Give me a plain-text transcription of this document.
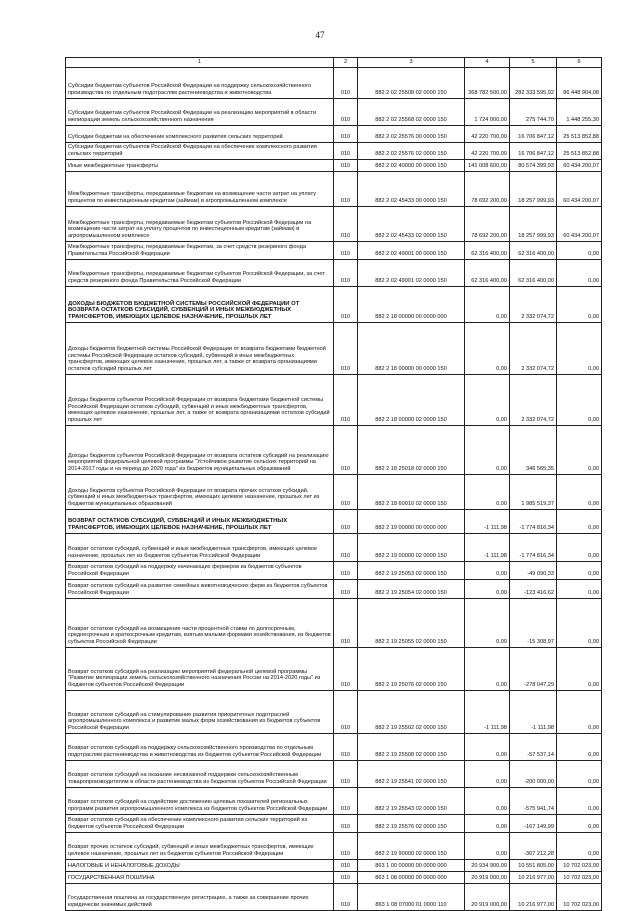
47
1	2	3	4	5	6
Субсидии бюджетам субъектов Российской Федерации на поддержку сельскохозяйственного производства по отдельным подотраслям растениеводства и животноводства	010	882 2 02 25508 02 0000 150	368 782 500,00	282 333 595,92	86 448 904,08
Субсидии бюджетам субъектов Российской Федерации на реализацию мероприятий в области мелиорации земель сельскохозяйственного назначения	010	882 2 02 25568 02 0000 150	1 724 000,00	275 744,70	1 448 255,30
Субсидии бюджетам на обеспечение комплексного развития сельских территорий	010	882 2 02 25576 00 0000 150	42 220 700,00	16 706 847,12	25 513 852,88
Субсидии бюджетам субъектов Российской Федерации на обеспечение комплексного развития сельских территорий	010	882 2 02 25576 02 0000 150	42 220 700,00	16 706 847,12	25 513 852,88
Иные межбюджетные трансферты	010	882 2 02 40000 00 0000 150	141 008 600,00	80 574 399,93	60 434 200,07
Межбюджетные трансферты, передаваемые бюджетам на возмещение части затрат на уплату процентов по инвестиционным кредитам (займам) в агропромышленном комплексе	010	882 2 02 45433 00 0000 150	78 692 200,00	18 257 999,93	60 434 200,07
Межбюджетные трансферты, передаваемые бюджетам субъектов Российской Федерации на возмещение части затрат на уплату процентов по инвестиционным кредитам (займам) в агропромышленном комплексе	010	882 2 02 45433 02 0000 150	78 692 200,00	18 257 999,93	60 434 200,07
Межбюджетные трансферты, передаваемые бюджетам, за счет средств резервного фонда Правительства Российской Федерации	010	882 2 02 49001 00 0000 150	62 316 400,00	62 316 400,00	0,00
Межбюджетные трансферты, передаваемые бюджетам субъектов Российской Федерации, за счет средств резервного фонда Правительства Российской Федерации	010	882 2 02 49001 02 0000 150	62 316 400,00	62 316 400,00	0,00
ДОХОДЫ БЮДЖЕТОВ БЮДЖЕТНОЙ СИСТЕМЫ РОССИЙСКОЙ ФЕДЕРАЦИИ ОТ ВОЗВРАТА ОСТАТКОВ СУБСИДИЙ, СУБВЕНЦИЙ И ИНЫХ МЕЖБЮДЖЕТНЫХ ТРАНСФЕРТОВ, ИМЕЮЩИХ ЦЕЛЕВОЕ НАЗНАЧЕНИЕ, ПРОШЛЫХ ЛЕТ	010	882 2 18 00000 00 0000 000	0,00	2 332 074,72	0,00
Доходы бюджетов бюджетной системы Российской Федерации от возврата бюджетами бюджетной системы Российской Федерации остатков субсидий, субвенций и иных межбюджетных трансфертов, имеющих целевое назначение, прошлых лет, а также от возврата организациями остатков субсидий прошлых лет	010	882 2 18 00000 00 0000 150	0,00	2 332 074,72	0,00
Доходы бюджетов субъектов Российской Федерации от возврата бюджетами бюджетной системы Российской Федерации остатков субсидий, субвенций и иных межбюджетных трансфертов, имеющих целевое назначение, прошлых лет, а также от возврата организациями остатков субсидий прошлых лет	010	882 2 18 00000 02 0000 150	0,00	2 332 074,72	0,00
Доходы бюджетов субъектов Российской Федерации от возврата остатков субсидий на реализацию мероприятий федеральной целевой программы "Устойчивое развитие сельских территорий на 2014-2017 годы и на период до 2020 года" из бюджетов муниципальных образований	010	882 2 18 25018 02 0000 150	0,00	346 565,35	0,00
Доходы бюджетов субъектов Российской Федерации от возврата прочих остатков субсидий, субвенций и иных межбюджетных трансфертов, имеющих целевое назначение, прошлых лет из бюджетов муниципальных образований	010	882 2 18 60010 02 0000 150	0,00	1 985 519,37	0,00
ВОЗВРАТ ОСТАТКОВ СУБСИДИЙ, СУБВЕНЦИЙ И ИНЫХ МЕЖБЮДЖЕТНЫХ ТРАНСФЕРТОВ, ИМЕЮЩИХ ЦЕЛЕВОЕ НАЗНАЧЕНИЕ, ПРОШЛЫХ ЛЕТ	010	882 2 19 00000 00 0000 000	-1 111,98	-1 774 816,34	0,00
Возврат остатков субсидий, субвенций и иных межбюджетных трансфертов, имеющих целевое назначение, прошлых лет из бюджетов субъектов Российской Федерации	010	882 2 19 00000 02 0000 150	-1 111,98	-1 774 816,34	0,00
Возврат остатков субсидий на поддержку начинающих фермеров из бюджетов субъектов Российской Федерации	010	882 2 19 25053 02 0000 150	0,00	-49 090,33	0,00
Возврат остатков субсидий на развитие семейных животноводческих ферм из бюджетов субъектов Российской Федерации	010	882 2 19 25054 02 0000 150	0,00	-123 416,62	0,00
Возврат остатков субсидий на возмещение части процентной ставки по долгосрочным, среднесрочным и краткосрочным кредитам, взятым малыми формами хозяйствования, из бюджетов субъектов Российской Федерации	010	882 2 19 25055 02 0000 150	0,00	-15 308,97	0,00
Возврат остатков субсидий на реализацию мероприятий федеральной целевой программы "Развитие мелиорации земель сельскохозяйственного назначения России на 2014-2020 годы" из бюджетов субъектов Российской Федерации	010	882 2 19 25076 02 0000 150	0,00	-278 047,29	0,00
Возврат остатков субсидий на стимулирование развития приоритетных подотраслей агропромышленного комплекса и развитие малых форм хозяйствования из бюджетов субъектов Российской Федерации	010	882 2 19 25502 02 0000 150	-1 111,98	-1 111,98	0,00
Возврат остатков субсидий на поддержку сельскохозяйственного производства по отдельным подотраслям растениеводства и животноводства из бюджетов субъектов Российской Федерации	010	882 2 19 25508 02 0000 150	0,00	-57 537,14	0,00
Возврат остатков субсидий на оказание несвязанной поддержки сельскохозяйственным товаропроизводителям в области растениеводства из бюджетов субъектов Российской Федерации	010	882 2 19 25541 02 0000 150	0,00	-200 000,00	0,00
Возврат остатков субсидий на содействие достижению целевых показателей региональных программ развития агропромышленного комплекса из бюджетов субъектов Российской Федерации	010	882 2 19 25543 02 0000 150	0,00	-575 941,74	0,00
Возврат остатков субсидий на обеспечение комплексного развития сельских территорий из бюджетов субъектов Российской Федерации	010	882 2 19 25576 02 0000 150	0,00	-167 149,99	0,00
Возврат прочих остатков субсидий, субвенций и иных межбюджетных трансфертов, имеющих целевое назначение, прошлых лет из бюджетов субъектов Российской Федерации	010	882 2 19 90000 02 0000 150	0,00	-307 212,28	0,00
НАЛОГОВЫЕ И НЕНАЛОГОВЫЕ ДОХОДЫ	010	863 1 00 00000 00 0000 000	20 934 900,00	10 551 805,00	10 702 023,00
ГОСУДАРСТВЕННАЯ ПОШЛИНА	010	863 1 08 00000 00 0000 000	20 919 000,00	10 216 977,00	10 702 023,00
Государственная пошлина за государственную регистрацию, а также за совершение прочих юридически значимых действий	010	863 1 08 07000 01 0000 110	20 919 000,00	10 216 977,00	10 702 023,00
